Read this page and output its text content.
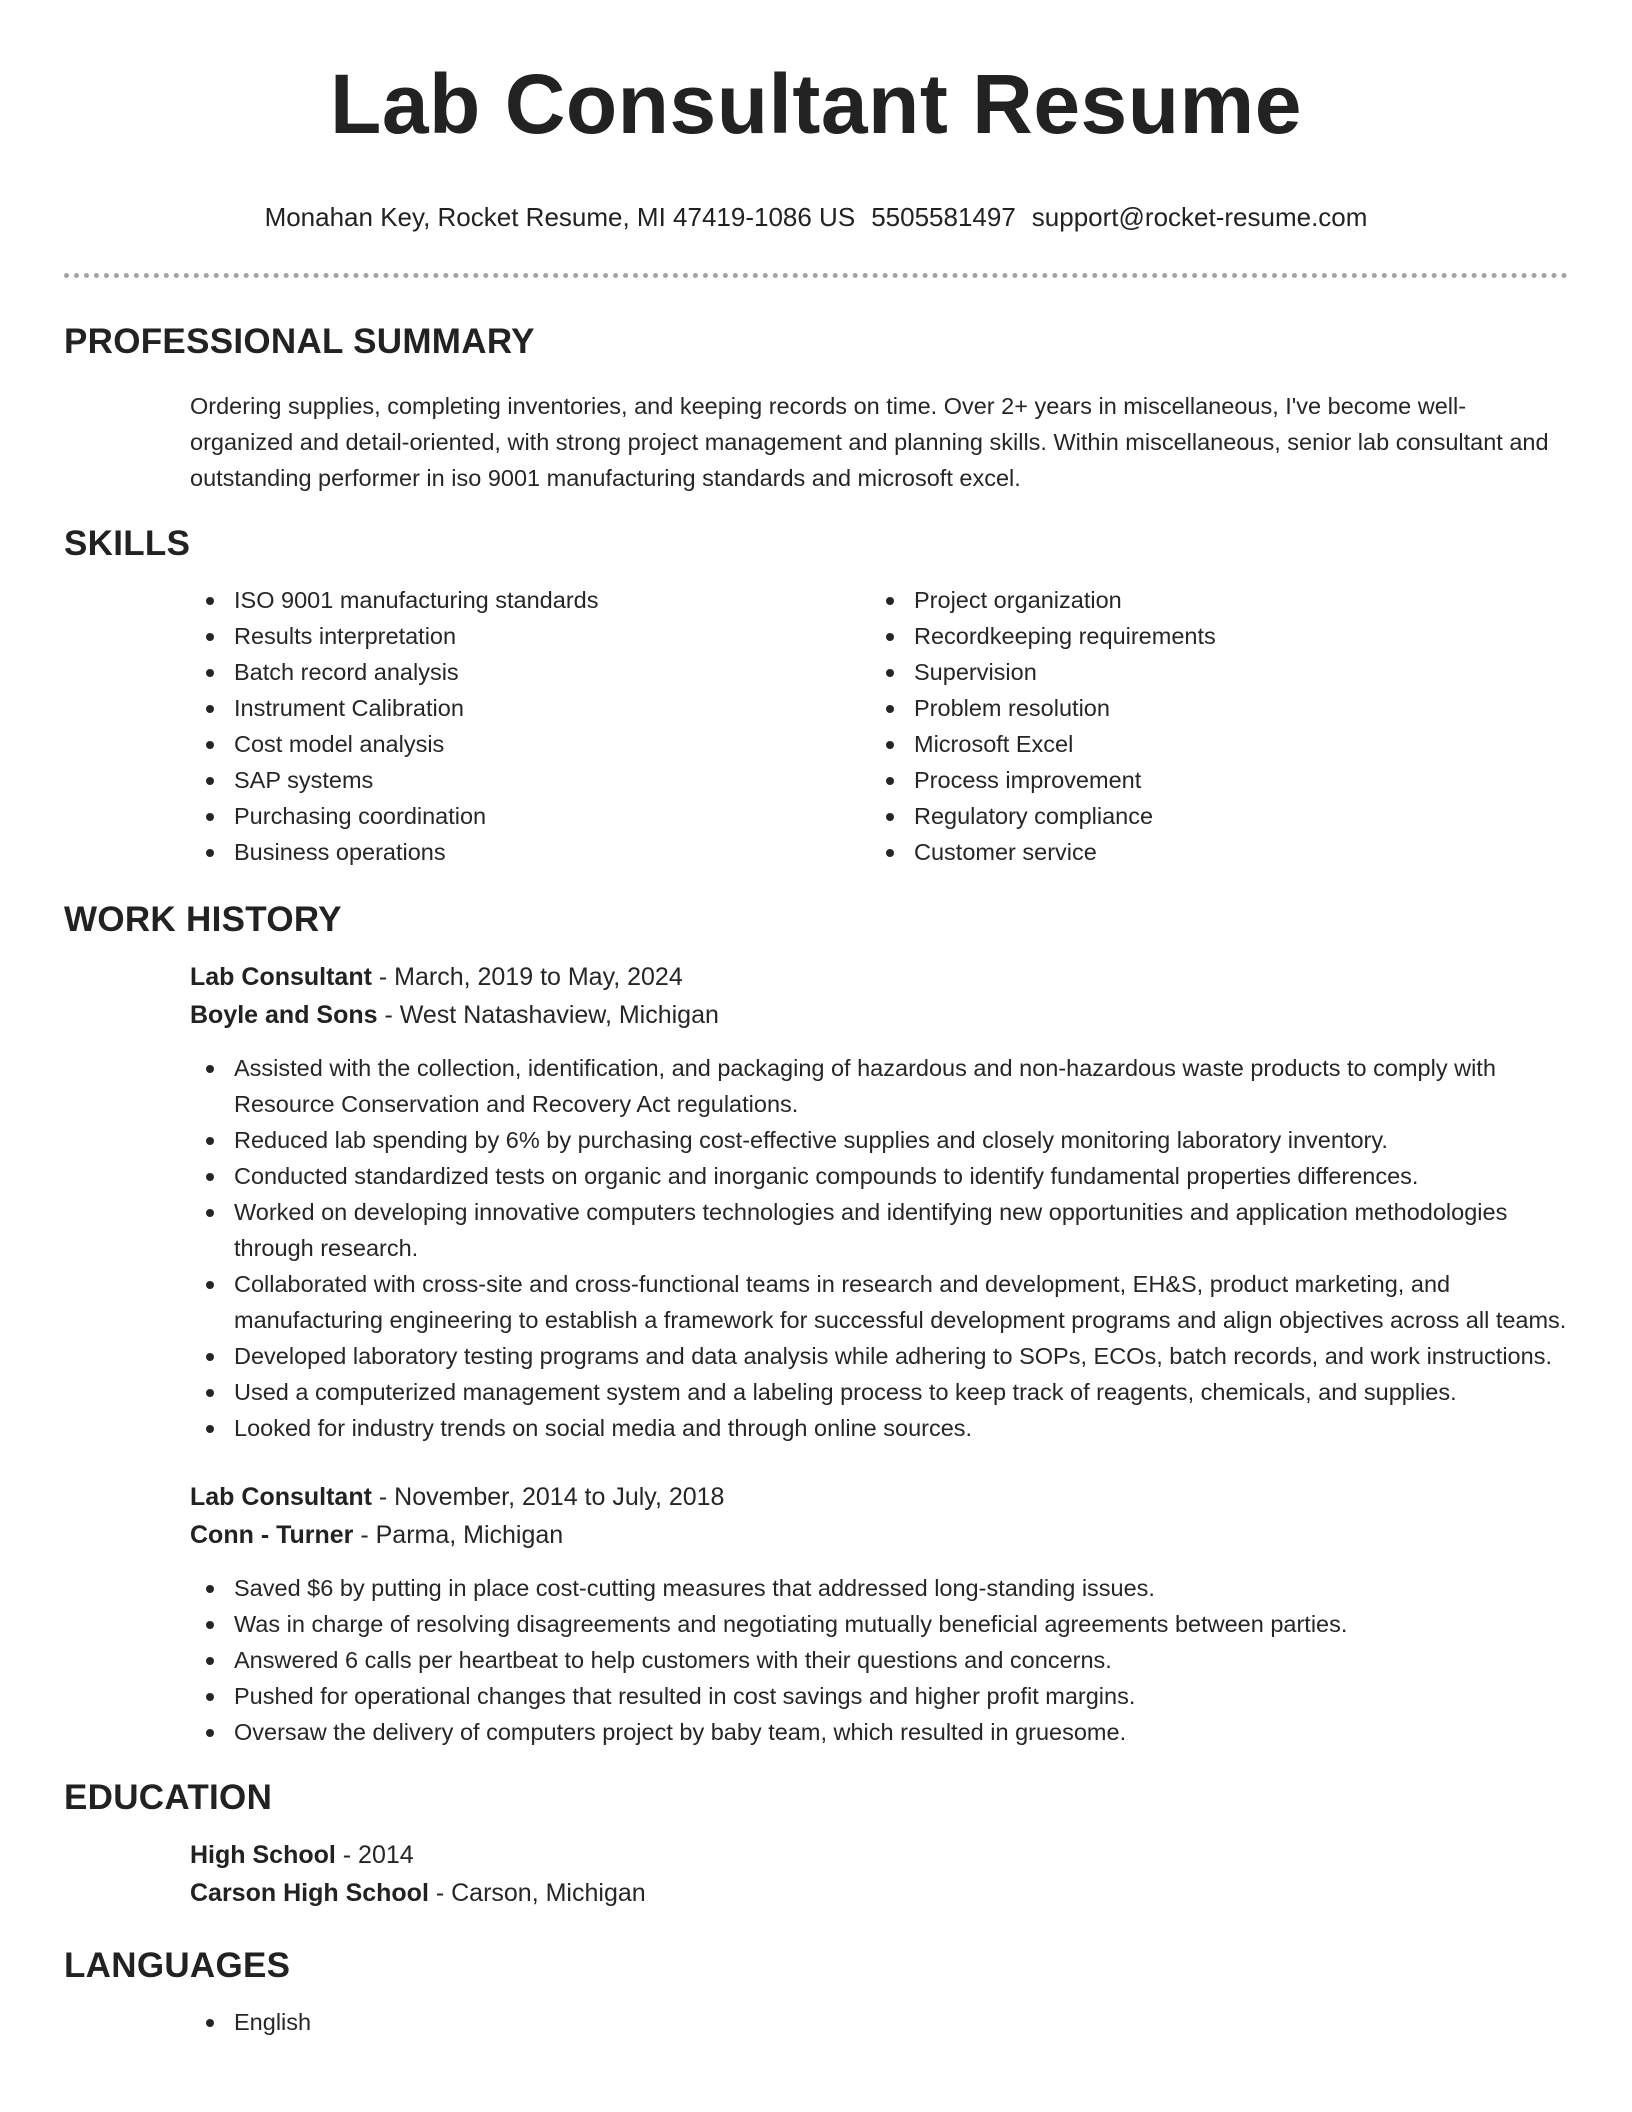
Lab Consultant Resume
Monahan Key, Rocket Resume, MI 47419-1086 US 5505581497 support@rocket-resume.com
PROFESSIONAL SUMMARY

Ordering supplies, completing inventories, and keeping records on time. Over 2+ years in miscellaneous, I've become well-organized and detail-oriented, with strong project management and planning skills. Within miscellaneous, senior lab consultant and outstanding performer in iso 9001 manufacturing standards and microsoft excel.

SKILLS
ISO 9001 manufacturing standards
Results interpretation
Batch record analysis
Instrument Calibration
Cost model analysis
SAP systems
Purchasing coordination
Business operations
Project organization
Recordkeeping requirements
Supervision
Problem resolution
Microsoft Excel
Process improvement
Regulatory compliance
Customer service
WORK HISTORY
Lab Consultant - March, 2019 to May, 2024
Boyle and Sons - West Natashaview, Michigan
Assisted with the collection, identification, and packaging of hazardous and non-hazardous waste products to comply with Resource Conservation and Recovery Act regulations.
Reduced lab spending by 6% by purchasing cost-effective supplies and closely monitoring laboratory inventory.
Conducted standardized tests on organic and inorganic compounds to identify fundamental properties differences.
Worked on developing innovative computers technologies and identifying new opportunities and application methodologies through research.
Collaborated with cross-site and cross-functional teams in research and development, EH&S, product marketing, and manufacturing engineering to establish a framework for successful development programs and align objectives across all teams.
Developed laboratory testing programs and data analysis while adhering to SOPs, ECOs, batch records, and work instructions.
Used a computerized management system and a labeling process to keep track of reagents, chemicals, and supplies.
Looked for industry trends on social media and through online sources.
Lab Consultant - November, 2014 to July, 2018
Conn - Turner - Parma, Michigan
Saved $6 by putting in place cost-cutting measures that addressed long-standing issues.
Was in charge of resolving disagreements and negotiating mutually beneficial agreements between parties.
Answered 6 calls per heartbeat to help customers with their questions and concerns.
Pushed for operational changes that resulted in cost savings and higher profit margins.
Oversaw the delivery of computers project by baby team, which resulted in gruesome.
EDUCATION
High School - 2014
Carson High School - Carson, Michigan
LANGUAGES
English
